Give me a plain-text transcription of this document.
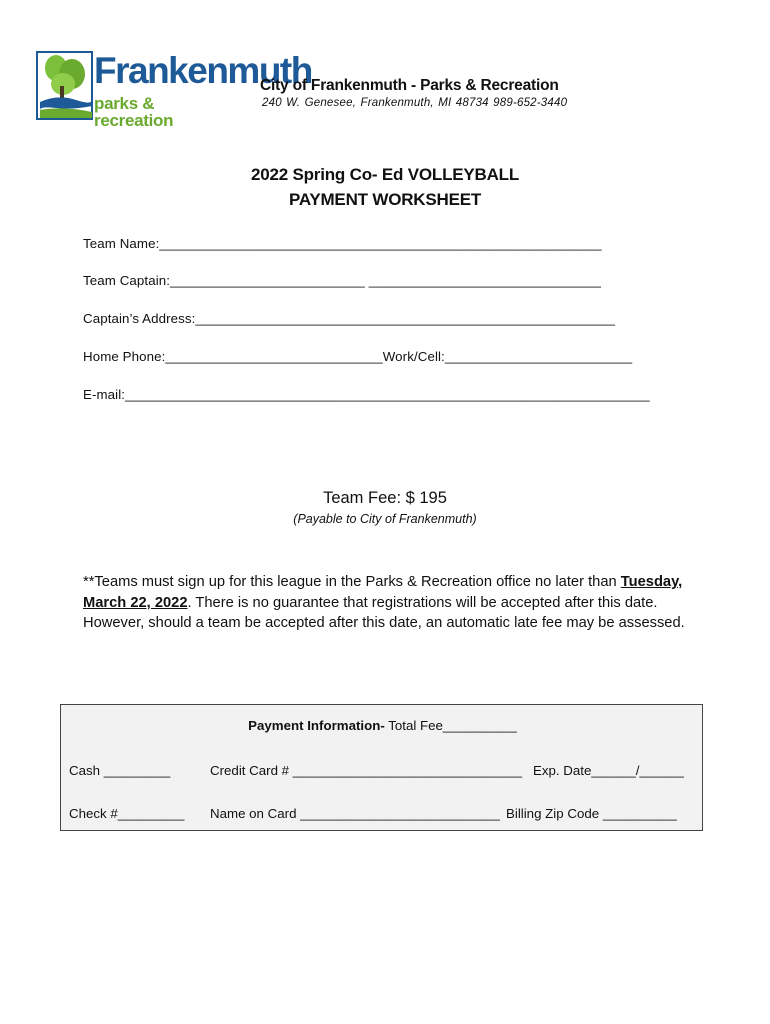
Frankenmuth
parks & recreation
City of Frankenmuth - Parks & Recreation
240 W. Genesee, Frankenmuth, MI 48734 989-652-3440
2022 Spring Co- Ed VOLLEYBALL
PAYMENT WORKSHEET
Team Name:___________________________________________________________
Team Captain:__________________________ _______________________________
Captain’s Address:________________________________________________________
Home Phone:_____________________________Work/Cell:_________________________
E-mail:______________________________________________________________________
Team Fee: $ 195
(Payable to City of Frankenmuth)
**Teams must sign up for this league in the Parks & Recreation office no later than Tuesday, March 22, 2022. There is no guarantee that registrations will be accepted after this date. However, should a team be accepted after this date, an automatic late fee may be assessed.
Payment Information- Total Fee__________
Cash _________	Credit Card # _______________________________ Exp. Date______/______
Check #_________ Name on Card ___________________________ Billing Zip Code __________
